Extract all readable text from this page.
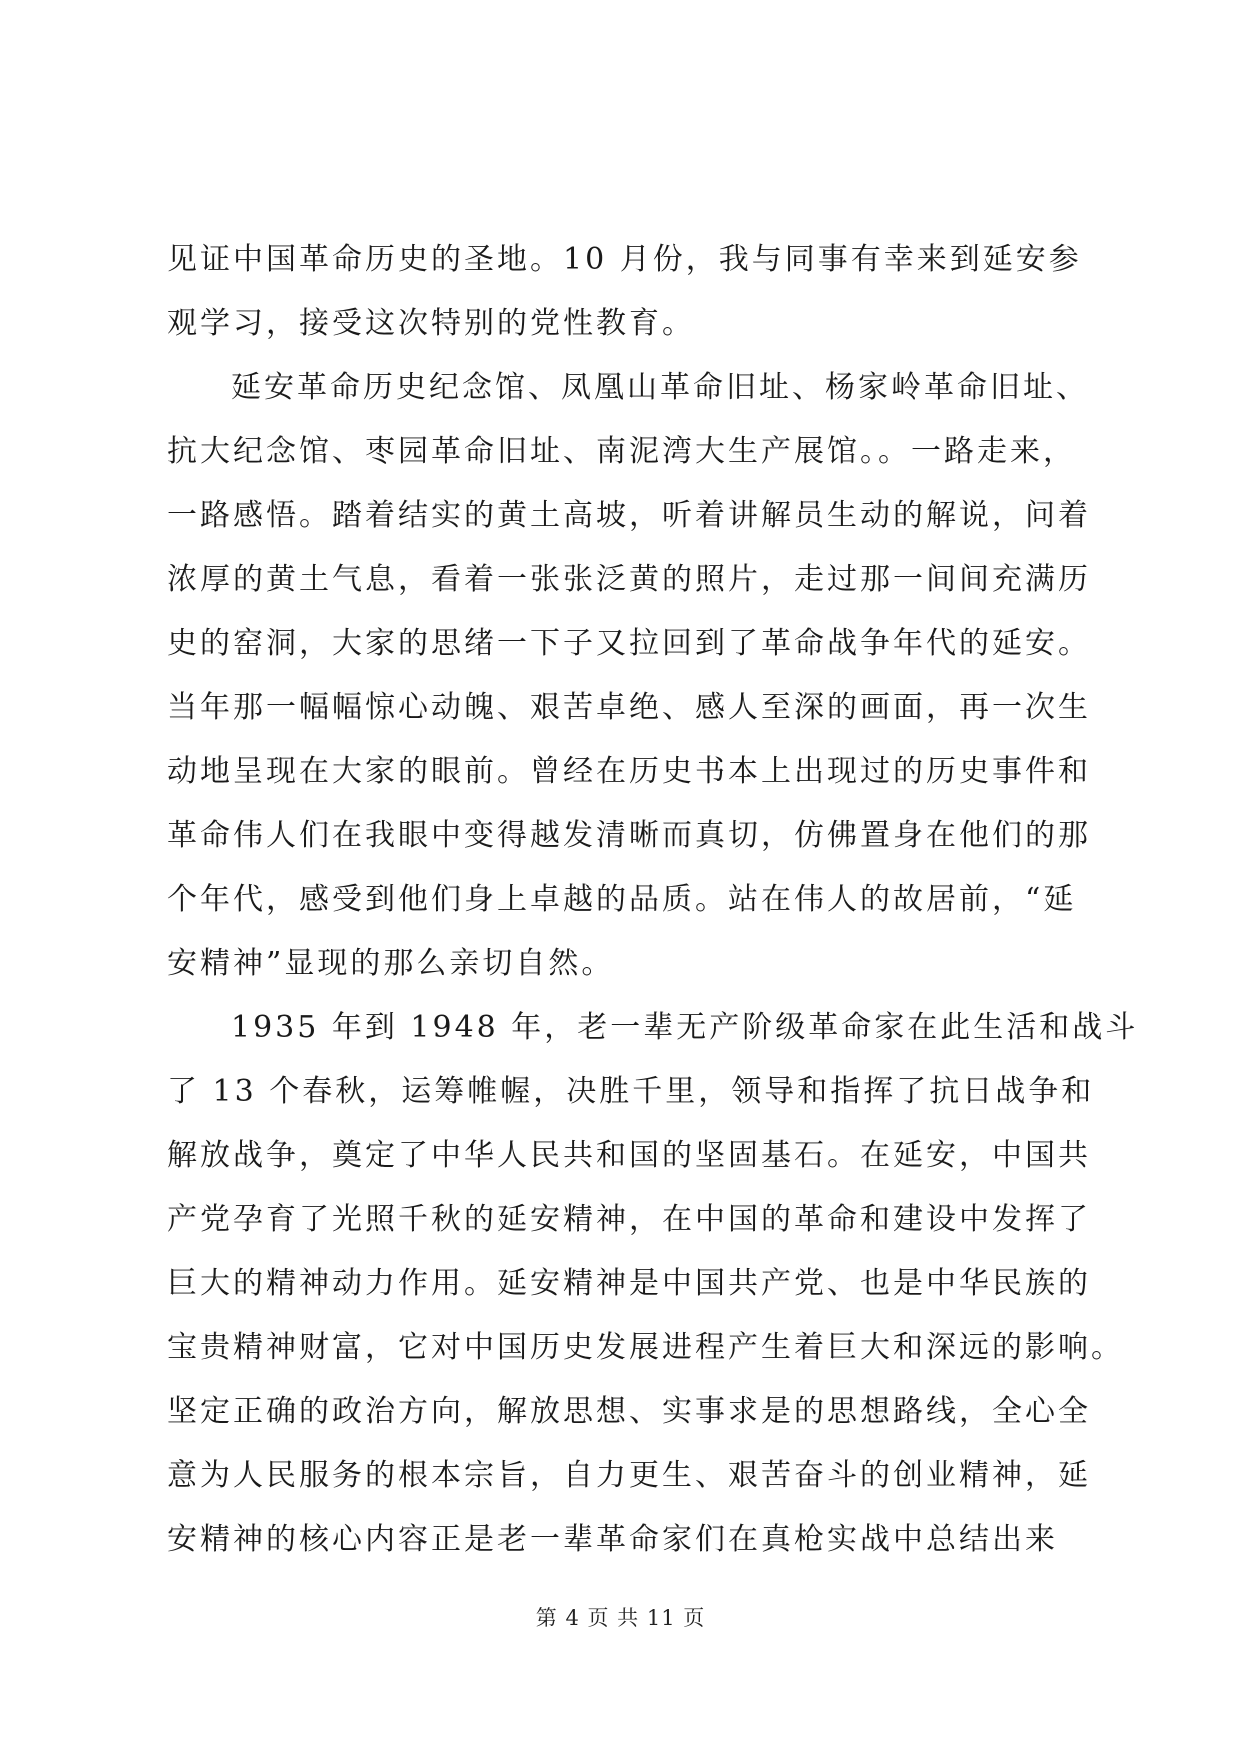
见证中国革命历史的圣地。10 月份，我与同事有幸来到延安参
观学习，接受这次特别的党性教育。
延安革命历史纪念馆、凤凰山革命旧址、杨家岭革命旧址、
抗大纪念馆、枣园革命旧址、南泥湾大生产展馆。。一路走来，
一路感悟。踏着结实的黄土高坡，听着讲解员生动的解说，问着
浓厚的黄土气息，看着一张张泛黄的照片，走过那一间间充满历
史的窑洞，大家的思绪一下子又拉回到了革命战争年代的延安。
当年那一幅幅惊心动魄、艰苦卓绝、感人至深的画面，再一次生
动地呈现在大家的眼前。曾经在历史书本上出现过的历史事件和
革命伟人们在我眼中变得越发清晰而真切，仿佛置身在他们的那
个年代，感受到他们身上卓越的品质。站在伟人的故居前，“延
安精神”显现的那么亲切自然。
1935 年到 1948 年，老一辈无产阶级革命家在此生活和战斗
了 13 个春秋，运筹帷幄，决胜千里，领导和指挥了抗日战争和
解放战争，奠定了中华人民共和国的坚固基石。在延安，中国共
产党孕育了光照千秋的延安精神，在中国的革命和建设中发挥了
巨大的精神动力作用。延安精神是中国共产党、也是中华民族的
宝贵精神财富，它对中国历史发展进程产生着巨大和深远的影响。
坚定正确的政治方向，解放思想、实事求是的思想路线，全心全
意为人民服务的根本宗旨，自力更生、艰苦奋斗的创业精神，延
安精神的核心内容正是老一辈革命家们在真枪实战中总结出来
第 4 页 共 11 页
